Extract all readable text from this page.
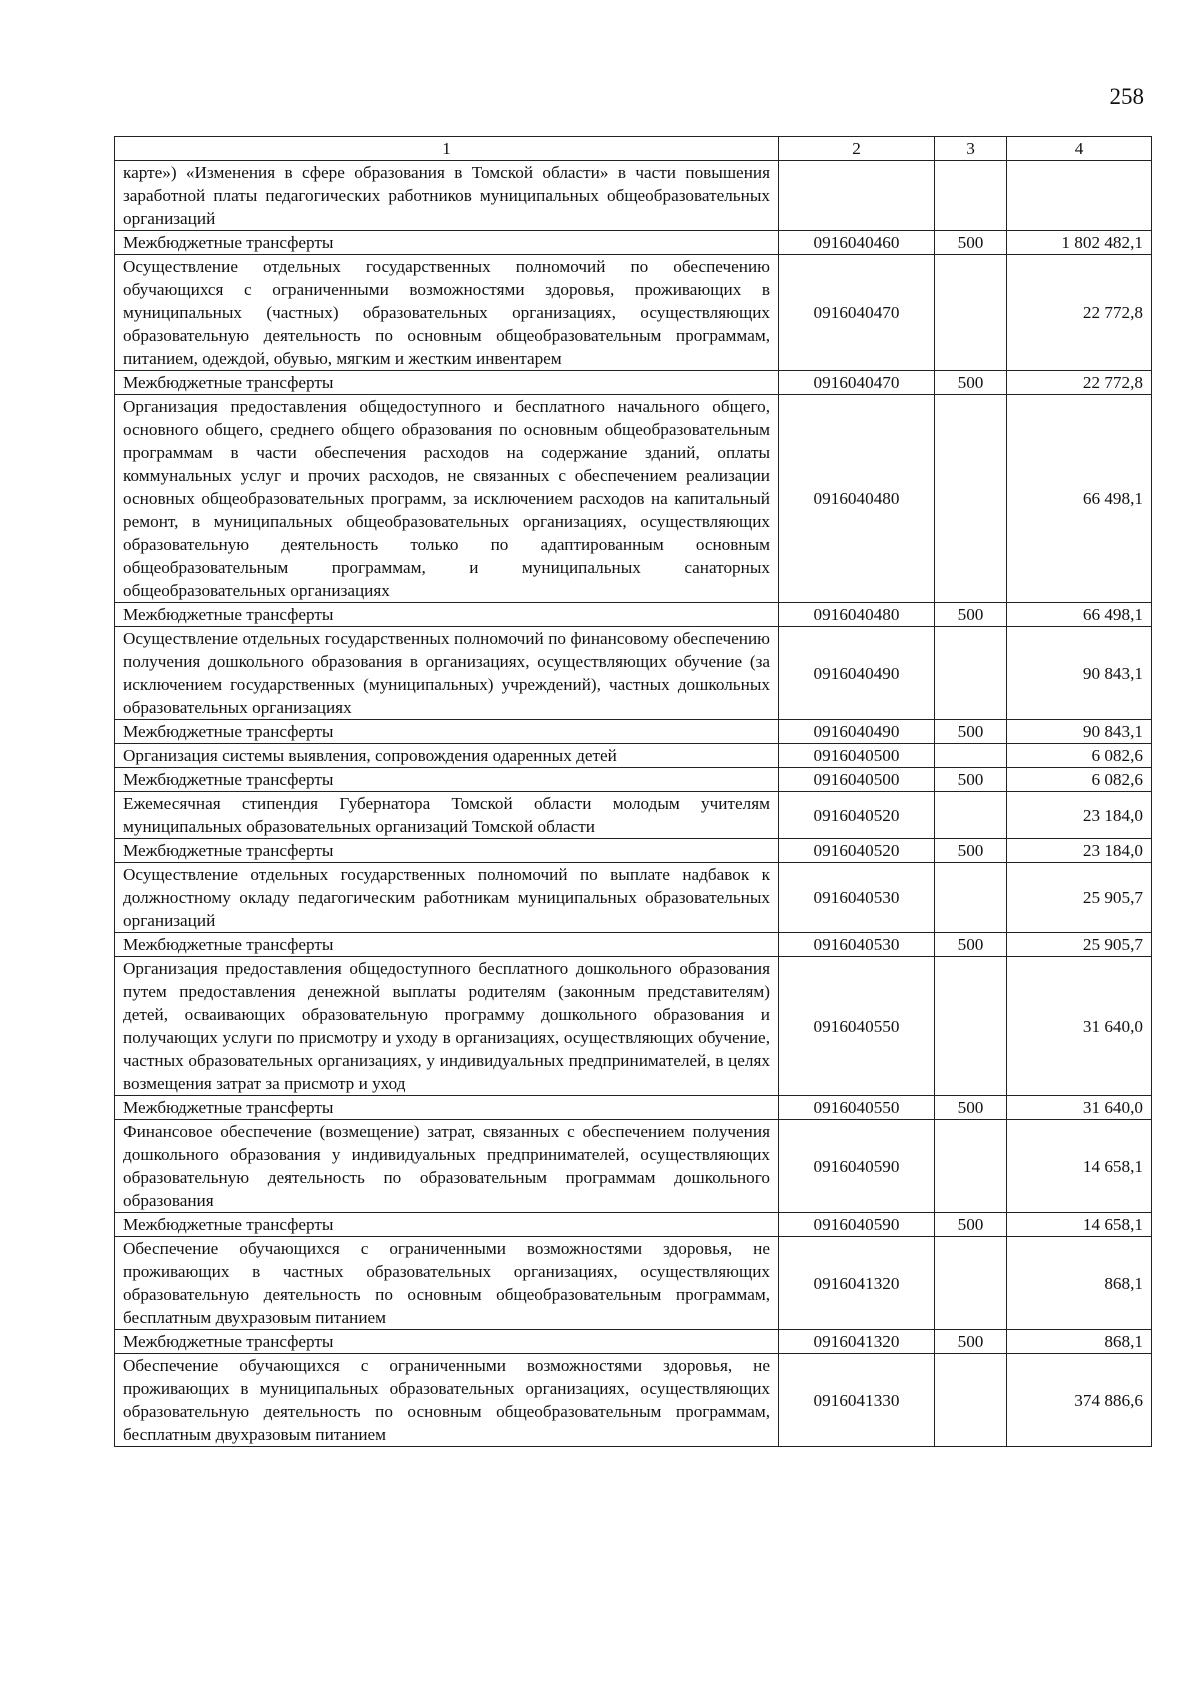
258
1	2	3	4
карте») «Изменения в сфере образования в Томской области» в части повышения заработной платы педагогических работников муниципальных общеобразовательных организаций			
Межбюджетные трансферты	0916040460	500	1 802 482,1
Осуществление отдельных государственных полномочий по обеспечению обучающихся с ограниченными возможностями здоровья, проживающих в муниципальных (частных) образовательных организациях, осуществляющих образовательную деятельность по основным общеобразовательным программам, питанием, одеждой, обувью, мягким и жестким инвентарем	0916040470		22 772,8
Межбюджетные трансферты	0916040470	500	22 772,8
Организация предоставления общедоступного и бесплатного начального общего, основного общего, среднего общего образования по основным общеобразовательным программам в части обеспечения расходов на содержание зданий, оплаты коммунальных услуг и прочих расходов, не связанных с обеспечением реализации основных общеобразовательных программ, за исключением расходов на капитальный ремонт, в муниципальных общеобразовательных организациях, осуществляющих образовательную деятельность только по адаптированным основным общеобразовательным программам, и муниципальных санаторных общеобразовательных организациях	0916040480		66 498,1
Межбюджетные трансферты	0916040480	500	66 498,1
Осуществление отдельных государственных полномочий по финансовому обеспечению получения дошкольного образования в организациях, осуществляющих обучение (за исключением государственных (муниципальных) учреждений), частных дошкольных образовательных организациях	0916040490		90 843,1
Межбюджетные трансферты	0916040490	500	90 843,1
Организация системы выявления, сопровождения одаренных детей	0916040500		6 082,6
Межбюджетные трансферты	0916040500	500	6 082,6
Ежемесячная стипендия Губернатора Томской области молодым учителям муниципальных образовательных организаций Томской области	0916040520		23 184,0
Межбюджетные трансферты	0916040520	500	23 184,0
Осуществление отдельных государственных полномочий по выплате надбавок к должностному окладу педагогическим работникам муниципальных образовательных организаций	0916040530		25 905,7
Межбюджетные трансферты	0916040530	500	25 905,7
Организация предоставления общедоступного бесплатного дошкольного образования путем предоставления денежной выплаты родителям (законным представителям) детей, осваивающих образовательную программу дошкольного образования и получающих услуги по присмотру и уходу в организациях, осуществляющих обучение, частных образовательных организациях, у индивидуальных предпринимателей, в целях возмещения затрат за присмотр и уход	0916040550		31 640,0
Межбюджетные трансферты	0916040550	500	31 640,0
Финансовое обеспечение (возмещение) затрат, связанных с обеспечением получения дошкольного образования у индивидуальных предпринимателей, осуществляющих образовательную деятельность по образовательным программам дошкольного образования	0916040590		14 658,1
Межбюджетные трансферты	0916040590	500	14 658,1
Обеспечение обучающихся с ограниченными возможностями здоровья, не проживающих в частных образовательных организациях, осуществляющих образовательную деятельность по основным общеобразовательным программам, бесплатным двухразовым питанием	0916041320		868,1
Межбюджетные трансферты	0916041320	500	868,1
Обеспечение обучающихся с ограниченными возможностями здоровья, не проживающих в муниципальных образовательных организациях, осуществляющих образовательную деятельность по основным общеобразовательным программам, бесплатным двухразовым питанием	0916041330		374 886,6
